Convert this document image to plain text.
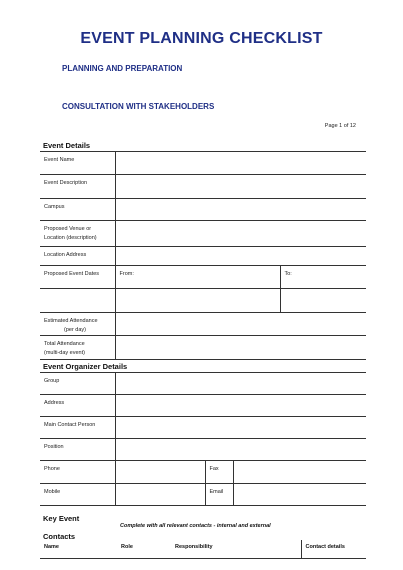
EVENT PLANNING CHECKLIST
PLANNING AND PREPARATION
CONSULTATION WITH STAKEHOLDERS
Page 1 of 12
Event Details
Event Name		
Event Description		
Campus		
Proposed Venue or
Location (description)		
Location Address		
Proposed Event Dates	From:	To:

Estimated Attendance
(per day)		
Total Attendance
(multi-day event)		
Event Organizer Details
Group			
Address			
Main Contact Person			
Position			
Phone		Fax	
Mobile		Email	
Key Event
Complete with all relevant contacts - internal and external
Contacts
Name	Role	Responsibility	Contact details
